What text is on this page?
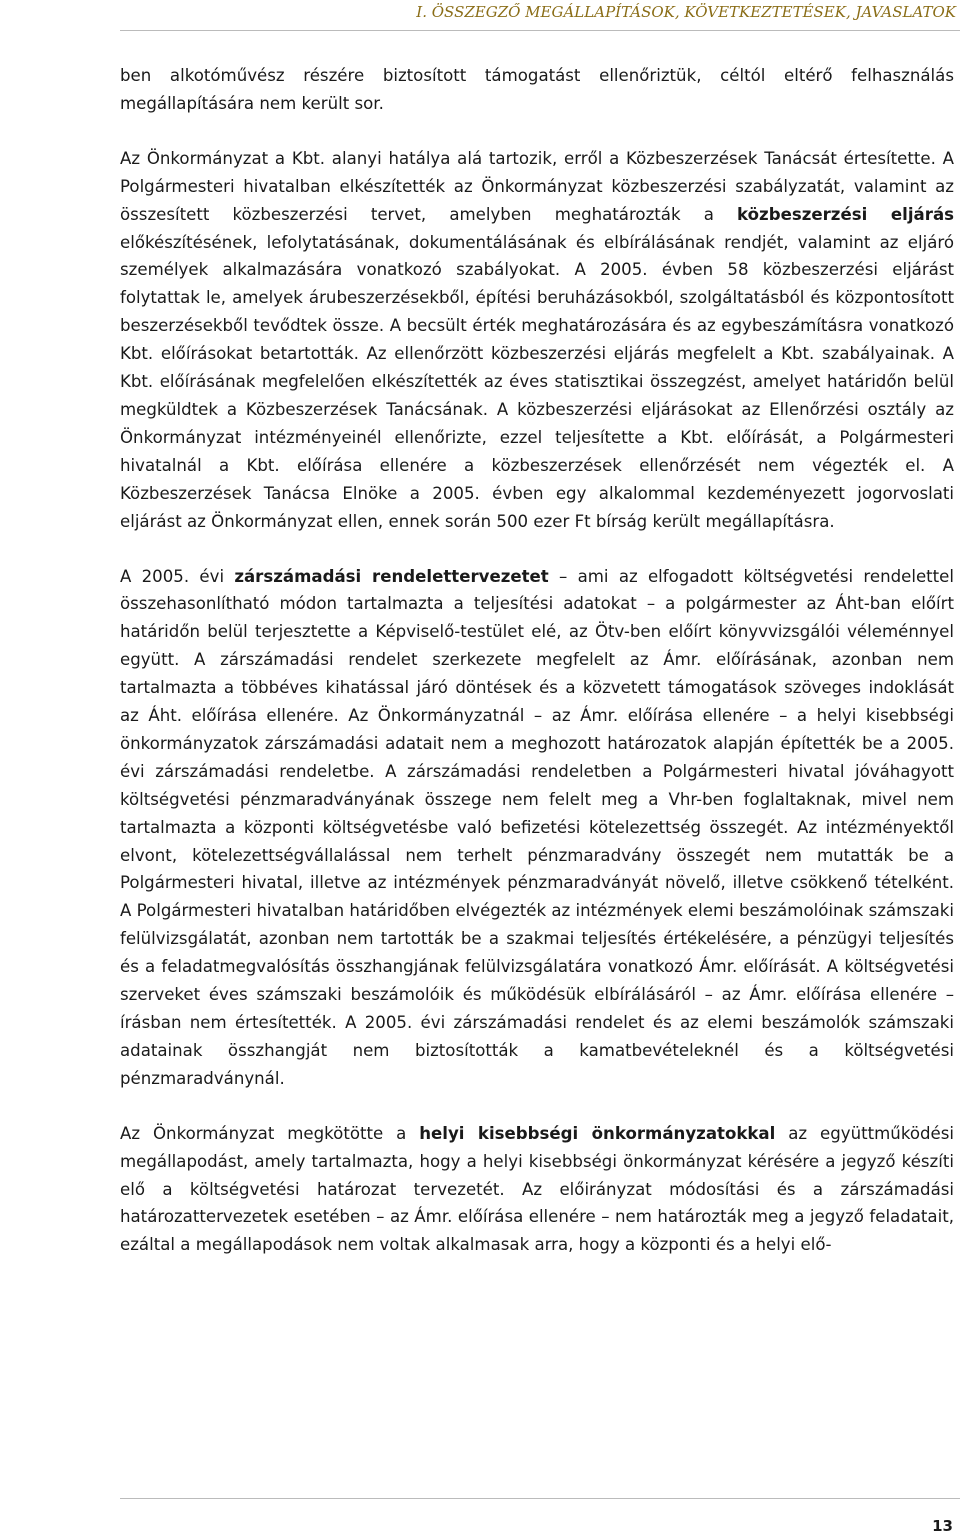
I. ÖSSZEGZŐ MEGÁLLAPÍTÁSOK, KÖVETKEZTETÉSEK, JAVASLATOK

ben alkotóművész részére biztosított támogatást ellenőriztük, céltól eltérő felhasználás megállapítására nem került sor.

Az Önkormányzat a Kbt. alanyi hatálya alá tartozik, erről a Közbeszerzések Tanácsát értesítette. A Polgármesteri hivatalban elkészítették az Önkormányzat közbeszerzési szabályzatát, valamint az összesített közbeszerzési tervet, amelyben meghatározták a közbeszerzési eljárás előkészítésének, lefolytatásának, dokumentálásának és elbírálásának rendjét, valamint az eljáró személyek alkalmazására vonatkozó szabályokat. A 2005. évben 58 közbeszerzési eljárást folytattak le, amelyek árubeszerzésekből, építési beruházásokból, szolgáltatásból és központosított beszerzésekből tevődtek össze. A becsült érték meghatározására és az egybeszámításra vonatkozó Kbt. előírásokat betartották. Az ellenőrzött közbeszerzési eljárás megfelelt a Kbt. szabályainak. A Kbt. előírásának megfelelően elkészítették az éves statisztikai összegzést, amelyet határidőn belül megküldtek a Közbeszerzések Tanácsának. A közbeszerzési eljárásokat az Ellenőrzési osztály az Önkormányzat intézményeinél ellenőrizte, ezzel teljesítette a Kbt. előírását, a Polgármesteri hivatalnál a Kbt. előírása ellenére a közbeszerzések ellenőrzését nem végezték el. A Közbeszerzések Tanácsa Elnöke a 2005. évben egy alkalommal kezdeményezett jogorvoslati eljárást az Önkormányzat ellen, ennek során 500 ezer Ft bírság került megállapításra.

A 2005. évi zárszámadási rendelettervezetet – ami az elfogadott költségvetési rendelettel összehasonlítható módon tartalmazta a teljesítési adatokat – a polgármester az Áht-ban előírt határidőn belül terjesztette a Képviselő-testület elé, az Ötv-ben előírt könyvvizsgálói véleménnyel együtt. A zárszámadási rendelet szerkezete megfelelt az Ámr. előírásának, azonban nem tartalmazta a többéves kihatással járó döntések és a közvetett támogatások szöveges indoklását az Áht. előírása ellenére. Az Önkormányzatnál – az Ámr. előírása ellenére – a helyi kisebbségi önkormányzatok zárszámadási adatait nem a meghozott határozatok alapján építették be a 2005. évi zárszámadási rendeletbe. A zárszámadási rendeletben a Polgármesteri hivatal jóváhagyott költségvetési pénzmaradványának összege nem felelt meg a Vhr-ben foglaltaknak, mivel nem tartalmazta a központi költségvetésbe való befizetési kötelezettség összegét. Az intézményektől elvont, kötelezettségvállalással nem terhelt pénzmaradvány összegét nem mutatták be a Polgármesteri hivatal, illetve az intézmények pénzmaradványát növelő, illetve csökkenő tételként. A Polgármesteri hivatalban határidőben elvégezték az intézmények elemi beszámolóinak számszaki felülvizsgálatát, azonban nem tartották be a szakmai teljesítés értékelésére, a pénzügyi teljesítés és a feladatmegvalósítás összhangjának felülvizsgálatára vonatkozó Ámr. előírását. A költségvetési szerveket éves számszaki beszámolóik és működésük elbírálásáról – az Ámr. előírása ellenére – írásban nem értesítették. A 2005. évi zárszámadási rendelet és az elemi beszámolók számszaki adatainak összhangját nem biztosították a kamatbevételeknél és a költségvetési pénzmaradványnál.

Az Önkormányzat megkötötte a helyi kisebbségi önkormányzatokkal az együttműködési megállapodást, amely tartalmazta, hogy a helyi kisebbségi önkormányzat kérésére a jegyző készíti elő a költségvetési határozat tervezetét. Az előirányzat módosítási és a zárszámadási határozattervezetek esetében – az Ámr. előírása ellenére – nem határozták meg a jegyző feladatait, ezáltal a megállapodások nem voltak alkalmasak arra, hogy a központi és a helyi elő-

13
